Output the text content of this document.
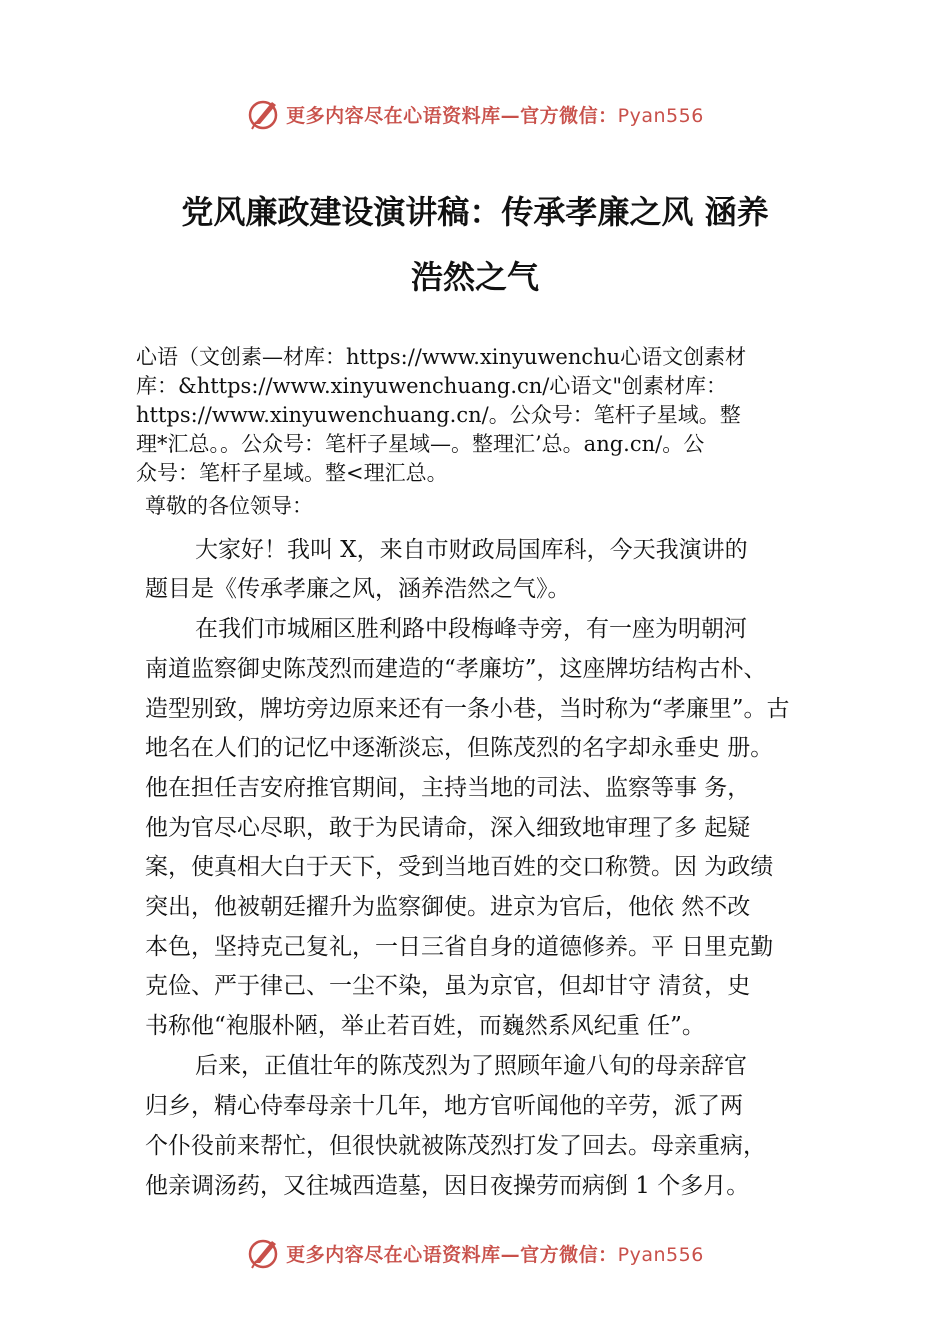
更多内容尽在心语资料库—官方微信：Pyan556
党风廉政建设演讲稿：传承孝廉之风 涵养
浩然之气

心语（文创素—材库：https://www.xinyuwenchu心语文创素材

库：&https://www.xinyuwenchuang.cn/心语文"创素材库：

https://www.xinyuwenchuang.cn/。公众号：笔杆子星域。整

理*汇总。。公众号：笔杆子星域—。整理汇’总。ang.cn/。公

众号：笔杆子星域。整<理汇总。

尊敬的各位领导：

大家好！我叫 X，来自市财政局国库科，今天我演讲的

题目是《传承孝廉之风，涵养浩然之气》。

在我们市城厢区胜利路中段梅峰寺旁，有一座为明朝河

南道监察御史陈茂烈而建造的“孝廉坊”，这座牌坊结构古朴、

造型别致，牌坊旁边原来还有一条小巷，当时称为“孝廉里”。古

地名在人们的记忆中逐渐淡忘，但陈茂烈的名字却永垂史 册。

他在担任吉安府推官期间，主持当地的司法、监察等事 务，

他为官尽心尽职，敢于为民请命，深入细致地审理了多 起疑

案，使真相大白于天下，受到当地百姓的交口称赞。因 为政绩

突出，他被朝廷擢升为监察御使。进京为官后，他依 然不改

本色，坚持克己复礼，一日三省自身的道德修养。平 日里克勤

克俭、严于律己、一尘不染，虽为京官，但却甘守 清贫，史

书称他“袍服朴陋，举止若百姓，而巍然系风纪重 任”。

后来，正值壮年的陈茂烈为了照顾年逾八旬的母亲辞官

归乡，精心侍奉母亲十几年，地方官听闻他的辛劳，派了两

个仆役前来帮忙，但很快就被陈茂烈打发了回去。母亲重病，

他亲调汤药，又往城西造墓，因日夜操劳而病倒 1 个多月。

更多内容尽在心语资料库—官方微信：Pyan556
